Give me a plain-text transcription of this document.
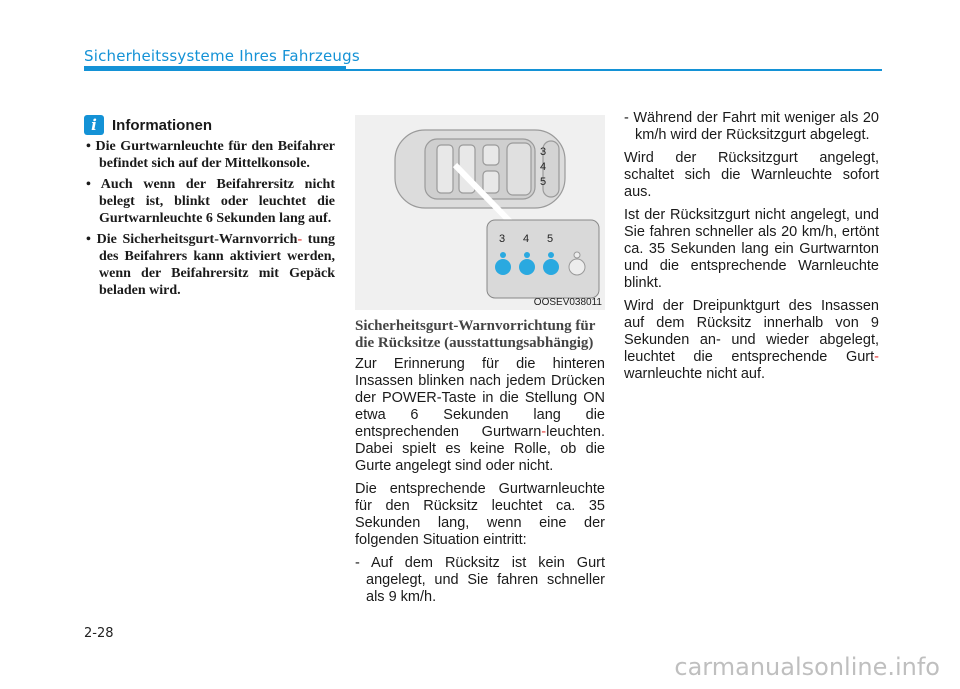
Sicherheitssysteme Ihres Fahrzeugs
i	Informationen
• Die Gurtwarnleuchte für den Beifahrer befindet sich auf der Mittelkonsole.
• Auch wenn der Beifahrersitz nicht belegt ist, blinkt oder leuchtet die Gurtwarnleuchte 6 Sekunden lang auf.
• Die Sicherheitsgurt-Warnvorrich- tung des Beifahrers kann aktiviert werden, wenn der Beifahrersitz mit Gepäck beladen wird.
3
4
5
3 4 5
OOSEV038011
Sicherheitsgurt-Warnvorrichtung für die Rücksitze (ausstattungsabhängig)

Zur Erinnerung für die hinteren Insassen blinken nach jedem Drücken der POWER-Taste in die Stellung ON etwa 6 Sekunden lang die entsprechenden Gurtwarn-leuchten. Dabei spielt es keine Rolle, ob die Gurte angelegt sind oder nicht.

Die entsprechende Gurtwarnleuchte für den Rücksitz leuchtet ca. 35 Sekunden lang, wenn eine der folgenden Situation eintritt:

- Auf dem Rücksitz ist kein Gurt angelegt, und Sie fahren schneller als 9 km/h.

- Während der Fahrt mit weniger als 20 km/h wird der Rücksitzgurt abgelegt.

Wird der Rücksitzgurt angelegt, schaltet sich die Warnleuchte sofort aus.

Ist der Rücksitzgurt nicht angelegt, und Sie fahren schneller als 20 km/h, ertönt ca. 35 Sekunden lang ein Gurtwarnton und die entsprechende Warnleuchte blinkt.

Wird der Dreipunktgurt des Insassen auf dem Rücksitz innerhalb von 9 Sekunden an- und wieder abgelegt, leuchtet die entsprechende Gurt-warnleuchte nicht auf.

2-28
carmanualsonline.info
